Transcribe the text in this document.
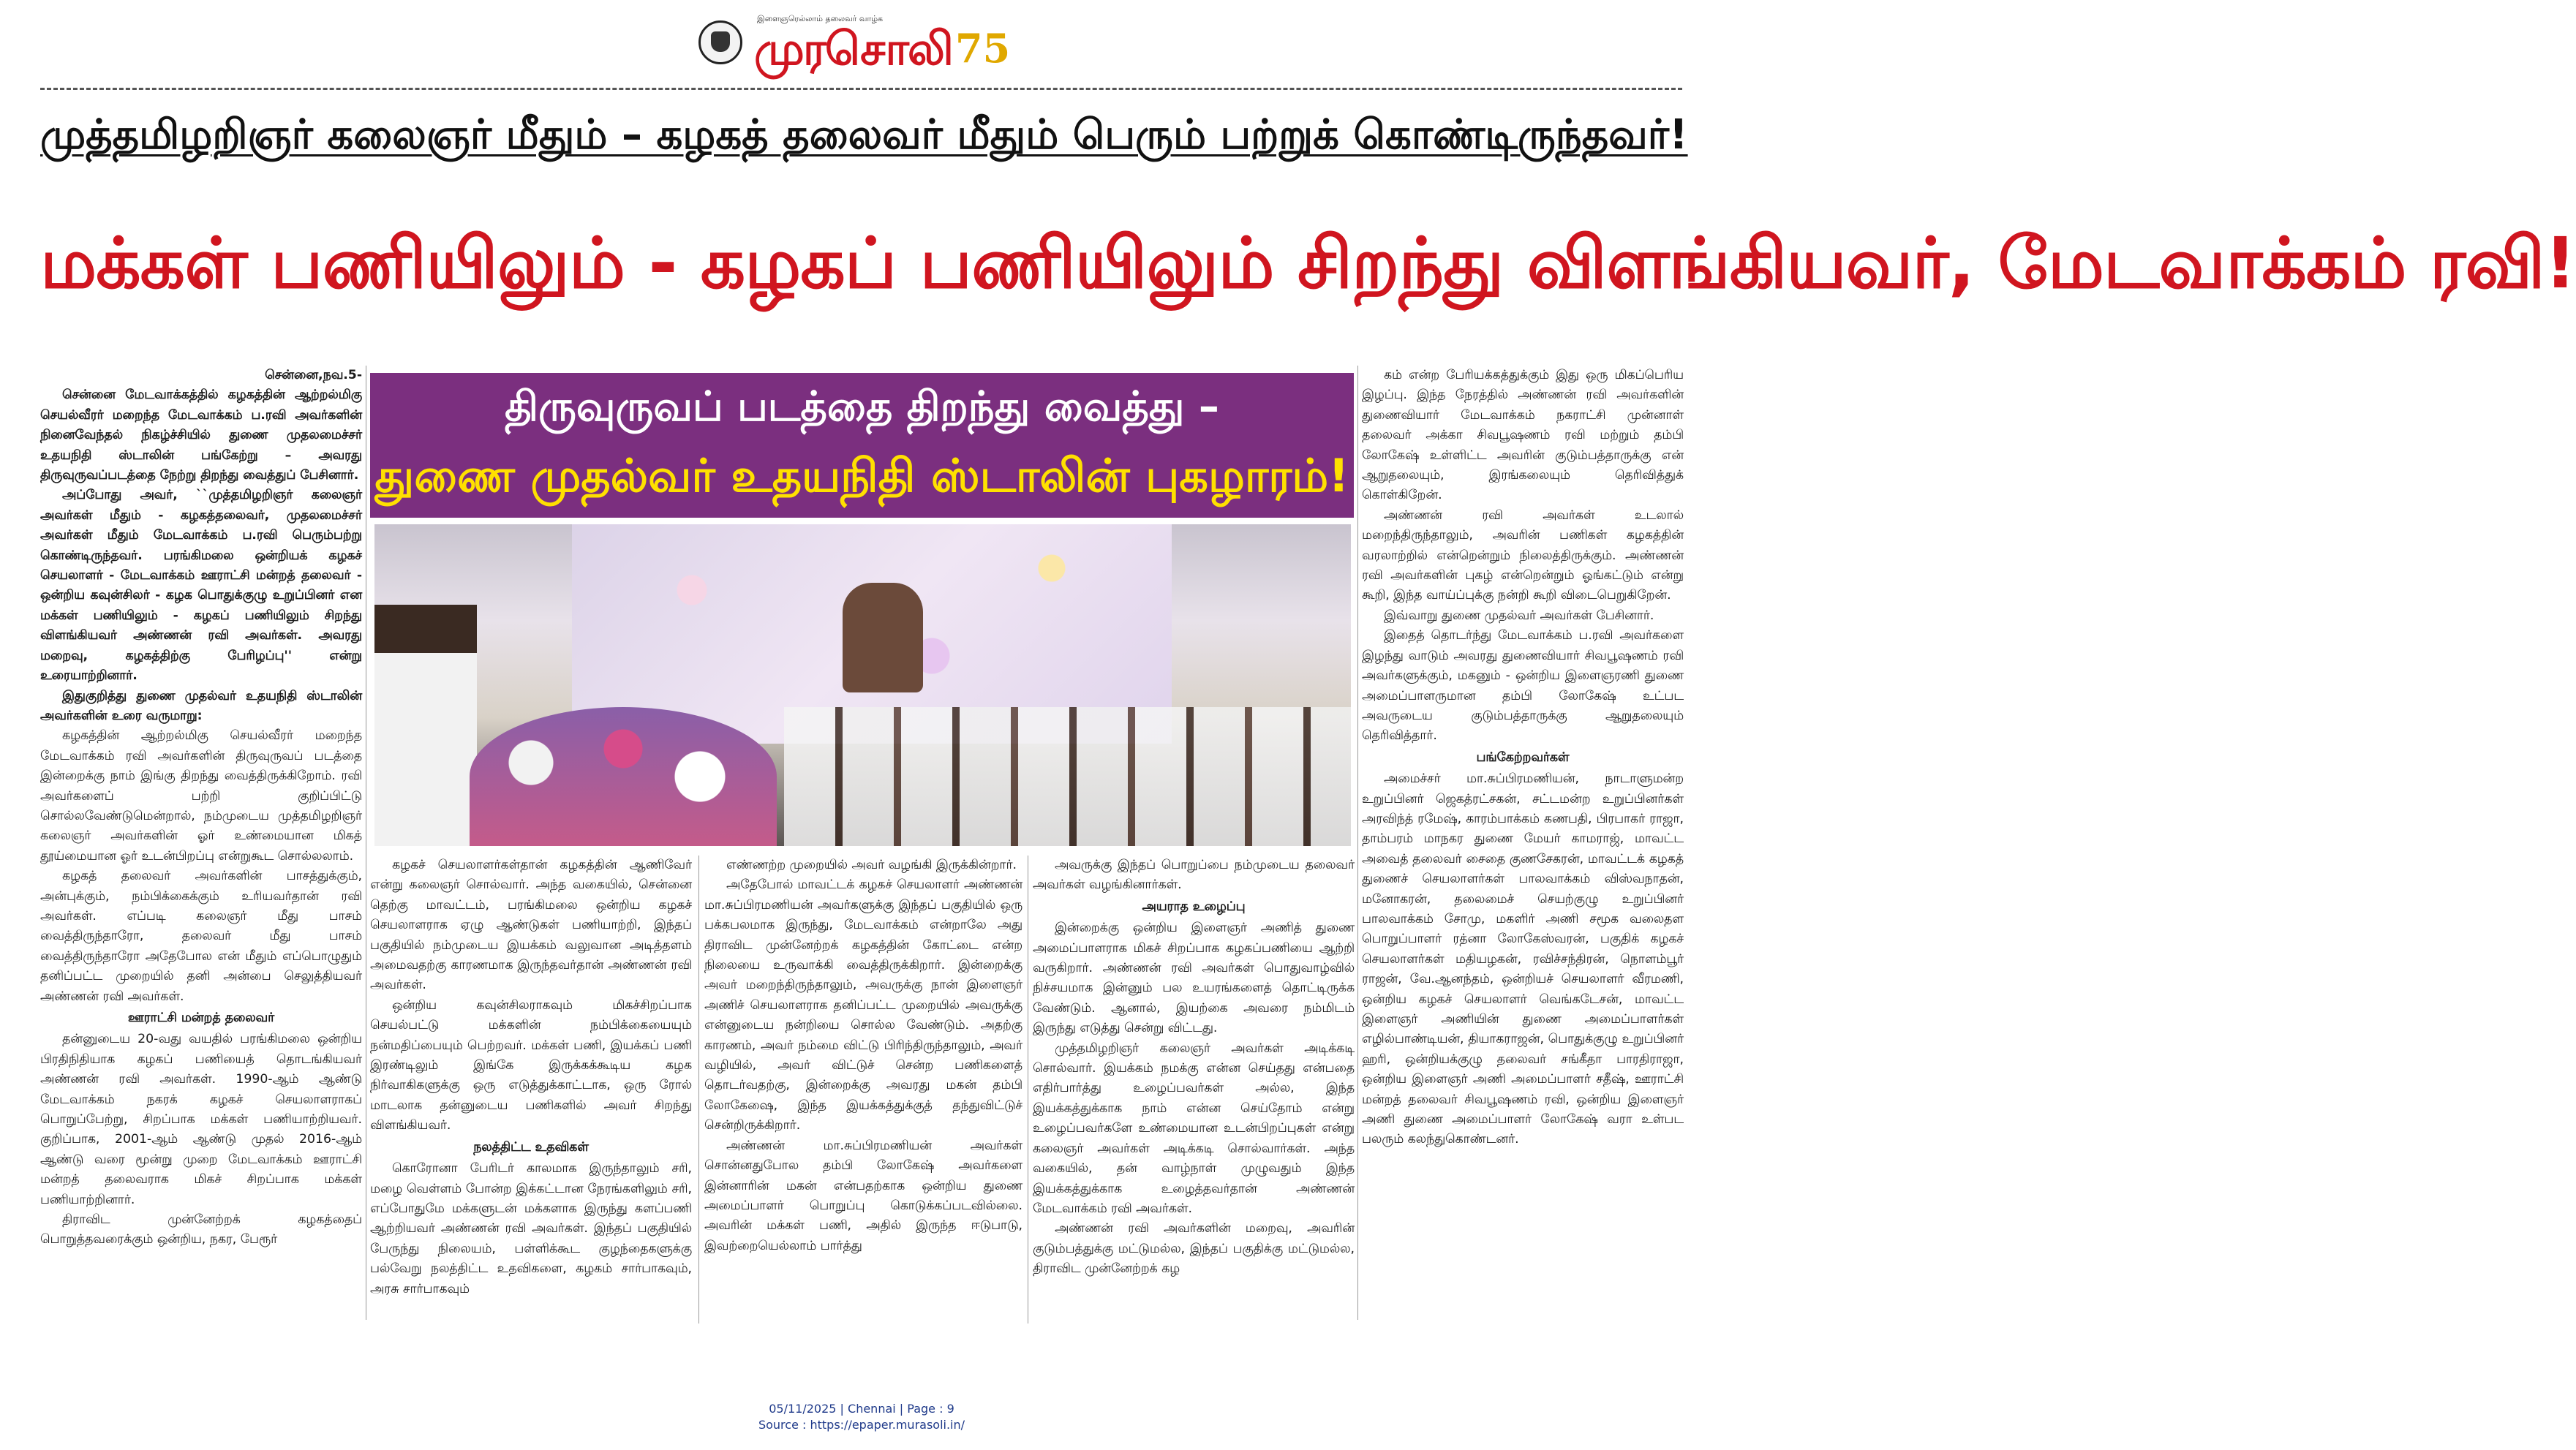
இளைஞரெல்லாம் தலைவர் வாழ்க
முரசொலி 75
முத்தமிழறிஞர் கலைஞர் மீதும் – கழகத் தலைவர் மீதும் பெரும் பற்றுக் கொண்டிருந்தவர்!
மக்கள் பணியிலும் - கழகப் பணியிலும் சிறந்து விளங்கியவர், மேடவாக்கம் ரவி!
திருவுருவப் படத்தை திறந்து வைத்து –
துணை முதல்வர் உதயநிதி ஸ்டாலின் புகழாரம்!

சென்னை,நவ.5-

சென்னை மேடவாக்கத்தில் கழகத்தின் ஆற்றல்மிகு செயல்வீரர் மறைந்த மேடவாக்கம் ப.ரவி அவர்களின் நினைவேந்தல் நிகழ்ச்சியில் துணை முதலமைச்சர் உதயநிதி ஸ்டாலின் பங்கேற்று – அவரது திருவுருவப்படத்தை நேற்று திறந்து வைத்துப் பேசினார்.

அப்போது அவர், ``முத்தமிழறிஞர் கலைஞர் அவர்கள் மீதும் - கழகத்தலைவர், முதலமைச்சர் அவர்கள் மீதும் மேடவாக்கம் ப.ரவி பெரும்பற்று கொண்டிருந்தவர். பரங்கிமலை ஒன்றியக் கழகச் செயலாளர் - மேடவாக்கம் ஊராட்சி மன்றத் தலைவர் - ஒன்றிய கவுன்சிலர் - கழக பொதுக்குழு உறுப்பினர் என மக்கள் பணியிலும் - கழகப் பணியிலும் சிறந்து விளங்கியவர் அண்ணன் ரவி அவர்கள். அவரது மறைவு, கழகத்திற்கு பேரிழப்பு'' என்று உரையாற்றினார்.

இதுகுறித்து துணை முதல்வர் உதயநிதி ஸ்டாலின் அவர்களின் உரை வருமாறு:

கழகத்தின் ஆற்றல்மிகு செயல்வீரர் மறைந்த மேடவாக்கம் ரவி அவர்களின் திருவுருவப் படத்தை இன்றைக்கு நாம் இங்கு திறந்து வைத்திருக்கிறோம். ரவி அவர்களைப் பற்றி குறிப்பிட்டு சொல்லவேண்டுமென்றால், நம்முடைய முத்தமிழறிஞர் கலைஞர் அவர்களின் ஓர் உண்மையான மிகத் தூய்மையான ஓர் உடன்பிறப்பு என்றுகூட சொல்லலாம்.

கழகத் தலைவர் அவர்களின் பாசத்துக்கும், அன்புக்கும், நம்பிக்கைக்கும் உரியவர்தான் ரவி அவர்கள். எப்படி கலைஞர் மீது பாசம் வைத்திருந்தாரோ, தலைவர் மீது பாசம் வைத்திருந்தாரோ அதேபோல என் மீதும் எப்பொழுதும் தனிப்பட்ட முறையில் தனி அன்பை செலுத்தியவர் அண்ணன் ரவி அவர்கள்.

ஊராட்சி மன்றத் தலைவர்

தன்னுடைய 20-வது வயதில் பரங்கிமலை ஒன்றிய பிரதிநிதியாக கழகப் பணியைத் தொடங்கியவர் அண்ணன் ரவி அவர்கள். 1990-ஆம் ஆண்டு மேடவாக்கம் நகரக் கழகச் செயலாளராகப் பொறுப்பேற்று, சிறப்பாக மக்கள் பணியாற்றியவர். குறிப்பாக, 2001-ஆம் ஆண்டு முதல் 2016-ஆம் ஆண்டு வரை மூன்று முறை மேடவாக்கம் ஊராட்சி மன்றத் தலைவராக மிகச் சிறப்பாக மக்கள் பணியாற்றினார்.

திராவிட முன்னேற்றக் கழகத்தைப் பொறுத்தவரைக்கும் ஒன்றிய, நகர, பேரூர்

கழகச் செயலாளர்கள்தான் கழகத்தின் ஆணிவேர் என்று கலைஞர் சொல்வார். அந்த வகையில், சென்னை தெற்கு மாவட்டம், பரங்கிமலை ஒன்றிய கழகச் செயலாளராக ஏழு ஆண்டுகள் பணியாற்றி, இந்தப் பகுதியில் நம்முடைய இயக்கம் வலுவான அடித்தளம் அமைவதற்கு காரணமாக இருந்தவர்தான் அண்ணன் ரவி அவர்கள்.

ஒன்றிய கவுன்சிலராகவும் மிகச்சிறப்பாக செயல்பட்டு மக்களின் நம்பிக்கையையும் நன்மதிப்பையும் பெற்றவர். மக்கள் பணி, இயக்கப் பணி இரண்டிலும் இங்கே இருக்கக்கூடிய கழக நிர்வாகிகளுக்கு ஒரு எடுத்துக்காட்டாக, ஒரு ரோல் மாடலாக தன்னுடைய பணிகளில் அவர் சிறந்து விளங்கியவர்.

நலத்திட்ட உதவிகள்

கொரோனா பேரிடர் காலமாக இருந்தாலும் சரி, மழை வெள்ளம் போன்ற இக்கட்டான நேரங்களிலும் சரி, எப்போதுமே மக்களுடன் மக்களாக இருந்து களப்பணி ஆற்றியவர் அண்ணன் ரவி அவர்கள். இந்தப் பகுதியில் பேருந்து நிலையம், பள்ளிக்கூட குழந்தைகளுக்கு பல்வேறு நலத்திட்ட உதவிகளை, கழகம் சார்பாகவும், அரசு சார்பாகவும்

எண்ணற்ற முறையில் அவர் வழங்கி இருக்கின்றார்.

அதேபோல் மாவட்டக் கழகச் செயலாளர் அண்ணன் மா.சுப்பிரமணியன் அவர்களுக்கு இந்தப் பகுதியில் ஒரு பக்கபலமாக இருந்து, மேடவாக்கம் என்றாலே அது திராவிட முன்னேற்றக் கழகத்தின் கோட்டை என்ற நிலையை உருவாக்கி வைத்திருக்கிறார். இன்றைக்கு அவர் மறைந்திருந்தாலும், அவருக்கு நான் இளைஞர் அணிச் செயலாளராக தனிப்பட்ட முறையில் அவருக்கு என்னுடைய நன்றியை சொல்ல வேண்டும். அதற்கு காரணம், அவர் நம்மை விட்டு பிரிந்திருந்தாலும், அவர் வழியில், அவர் விட்டுச் சென்ற பணிகளைத் தொடர்வதற்கு, இன்றைக்கு அவரது மகன் தம்பி லோகேஷை, இந்த இயக்கத்துக்குத் தந்துவிட்டுச் சென்றிருக்கிறார்.

அண்ணன் மா.சுப்பிரமணியன் அவர்கள் சொன்னதுபோல தம்பி லோகேஷ் அவர்களை இன்னாரின் மகன் என்பதற்காக ஒன்றிய துணை அமைப்பாளர் பொறுப்பு கொடுக்கப்படவில்லை. அவரின் மக்கள் பணி, அதில் இருந்த ஈடுபாடு, இவற்றையெல்லாம் பார்த்து

அவருக்கு இந்தப் பொறுப்பை நம்முடைய தலைவர் அவர்கள் வழங்கினார்கள்.

அயராத உழைப்பு

இன்றைக்கு ஒன்றிய இளைஞர் அணித் துணை அமைப்பாளராக மிகச் சிறப்பாக கழகப்பணியை ஆற்றி வருகிறார். அண்ணன் ரவி அவர்கள் பொதுவாழ்வில் நிச்சயமாக இன்னும் பல உயரங்களைத் தொட்டிருக்க வேண்டும். ஆனால், இயற்கை அவரை நம்மிடம் இருந்து எடுத்து சென்று விட்டது.

முத்தமிழறிஞர் கலைஞர் அவர்கள் அடிக்கடி சொல்வார். இயக்கம் நமக்கு என்ன செய்தது என்பதை எதிர்பார்த்து உழைப்பவர்கள் அல்ல, இந்த இயக்கத்துக்காக நாம் என்ன செய்தோம் என்று உழைப்பவர்களே உண்மையான உடன்பிறப்புகள் என்று கலைஞர் அவர்கள் அடிக்கடி சொல்வார்கள். அந்த வகையில், தன் வாழ்நாள் முழுவதும் இந்த இயக்கத்துக்காக உழைத்தவர்தான் அண்ணன் மேடவாக்கம் ரவி அவர்கள்.

அண்ணன் ரவி அவர்களின் மறைவு, அவரின் குடும்பத்துக்கு மட்டுமல்ல, இந்தப் பகுதிக்கு மட்டுமல்ல, திராவிட முன்னேற்றக் கழ

கம் என்ற பேரியக்கத்துக்கும் இது ஒரு மிகப்பெரிய இழப்பு. இந்த நேரத்தில் அண்ணன் ரவி அவர்களின் துணைவியார் மேடவாக்கம் நகராட்சி முன்னாள் தலைவர் அக்கா சிவபூஷணம் ரவி மற்றும் தம்பி லோகேஷ் உள்ளிட்ட அவரின் குடும்பத்தாருக்கு என் ஆறுதலையும், இரங்கலையும் தெரிவித்துக் கொள்கிறேன்.

அண்ணன் ரவி அவர்கள் உடலால் மறைந்திருந்தாலும், அவரின் பணிகள் கழகத்தின் வரலாற்றில் என்றென்றும் நிலைத்திருக்கும். அண்ணன் ரவி அவர்களின் புகழ் என்றென்றும் ஓங்கட்டும் என்று கூறி, இந்த வாய்ப்புக்கு நன்றி கூறி விடைபெறுகிறேன்.

இவ்வாறு துணை முதல்வர் அவர்கள் பேசினார்.

இதைத் தொடர்ந்து மேடவாக்கம் ப.ரவி அவர்களை இழந்து வாடும் அவரது துணைவியார் சிவபூஷணம் ரவி அவர்களுக்கும், மகனும் - ஒன்றிய இளைஞரணி துணை அமைப்பாளருமான தம்பி லோகேஷ் உட்பட அவருடைய குடும்பத்தாருக்கு ஆறுதலையும் தெரிவித்தார்.

பங்கேற்றவர்கள்

அமைச்சர் மா.சுப்பிரமணியன், நாடாளுமன்ற உறுப்பினர் ஜெகத்ரட்சகன், சட்டமன்ற உறுப்பினர்கள் அரவிந்த் ரமேஷ், காரம்பாக்கம் கணபதி, பிரபாகர் ராஜா, தாம்பரம் மாநகர துணை மேயர் காமராஜ், மாவட்ட அவைத் தலைவர் சைதை குணசேகரன், மாவட்டக் கழகத் துணைச் செயலாளர்கள் பாலவாக்கம் விஸ்வநாதன், மனோகரன், தலைமைச் செயற்குழு உறுப்பினர் பாலவாக்கம் சோமு, மகளிர் அணி சமூக வலைதள பொறுப்பாளர் ரத்னா லோகேஸ்வரன், பகுதிக் கழகச் செயலாளர்கள் மதியழகன், ரவிச்சந்திரன், நொளம்பூர் ராஜன், வே.ஆனந்தம், ஒன்றியச் செயலாளர் வீரமணி, ஒன்றிய கழகச் செயலாளர் வெங்கடேசன், மாவட்ட இளைஞர் அணியின் துணை அமைப்பாளர்கள் எழில்பாண்டியன், தியாகராஜன், பொதுக்குழு உறுப்பினர் ஹரி, ஒன்றியக்குழு தலைவர் சங்கீதா பாரதிராஜா, ஒன்றிய இளைஞர் அணி அமைப்பாளர் சதீஷ், ஊராட்சி மன்றத் தலைவர் சிவபூஷணம் ரவி, ஒன்றிய இளைஞர் அணி துணை அமைப்பாளர் லோகேஷ் வரா உள்பட பலரும் கலந்துகொண்டனர்.

05/11/2025 | Chennai | Page : 9
Source : https://epaper.murasoli.in/
